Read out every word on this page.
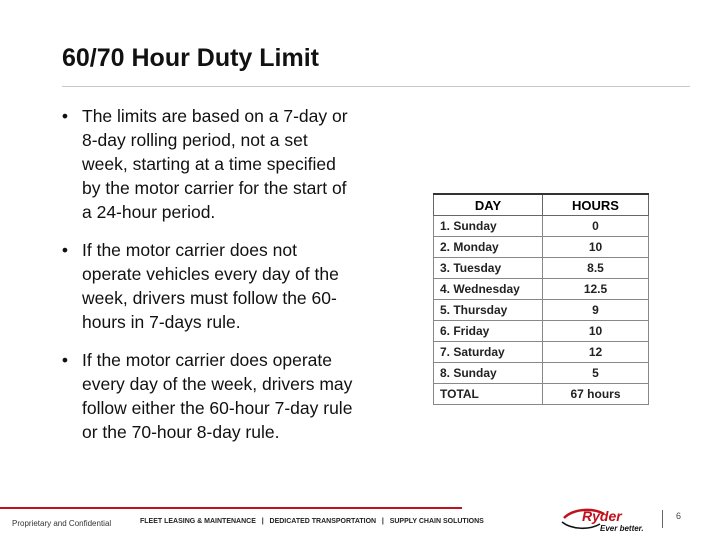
60/70 Hour Duty Limit
• The limits are based on a 7-day or 8-day rolling period, not a set week, starting at a time specified by the motor carrier for the start of a 24-hour period.
• If the motor carrier does not operate vehicles every day of the week, drivers must follow the 60-hours in 7-days rule.
• If the motor carrier does operate every day of the week, drivers may follow either the 60-hour 7-day rule or the 70-hour 8-day rule.
DAY	HOURS
1. Sunday	0
2. Monday	10
3. Tuesday	8.5
4. Wednesday	12.5
5. Thursday	9
6. Friday	10
7. Saturday	12
8. Sunday	5
TOTAL	67 hours
Proprietary and Confidential	FLEET LEASING & MAINTENANCE   |   DEDICATED TRANSPORTATION   |   SUPPLY CHAIN SOLUTIONS	Ryder
Ever better.
6
